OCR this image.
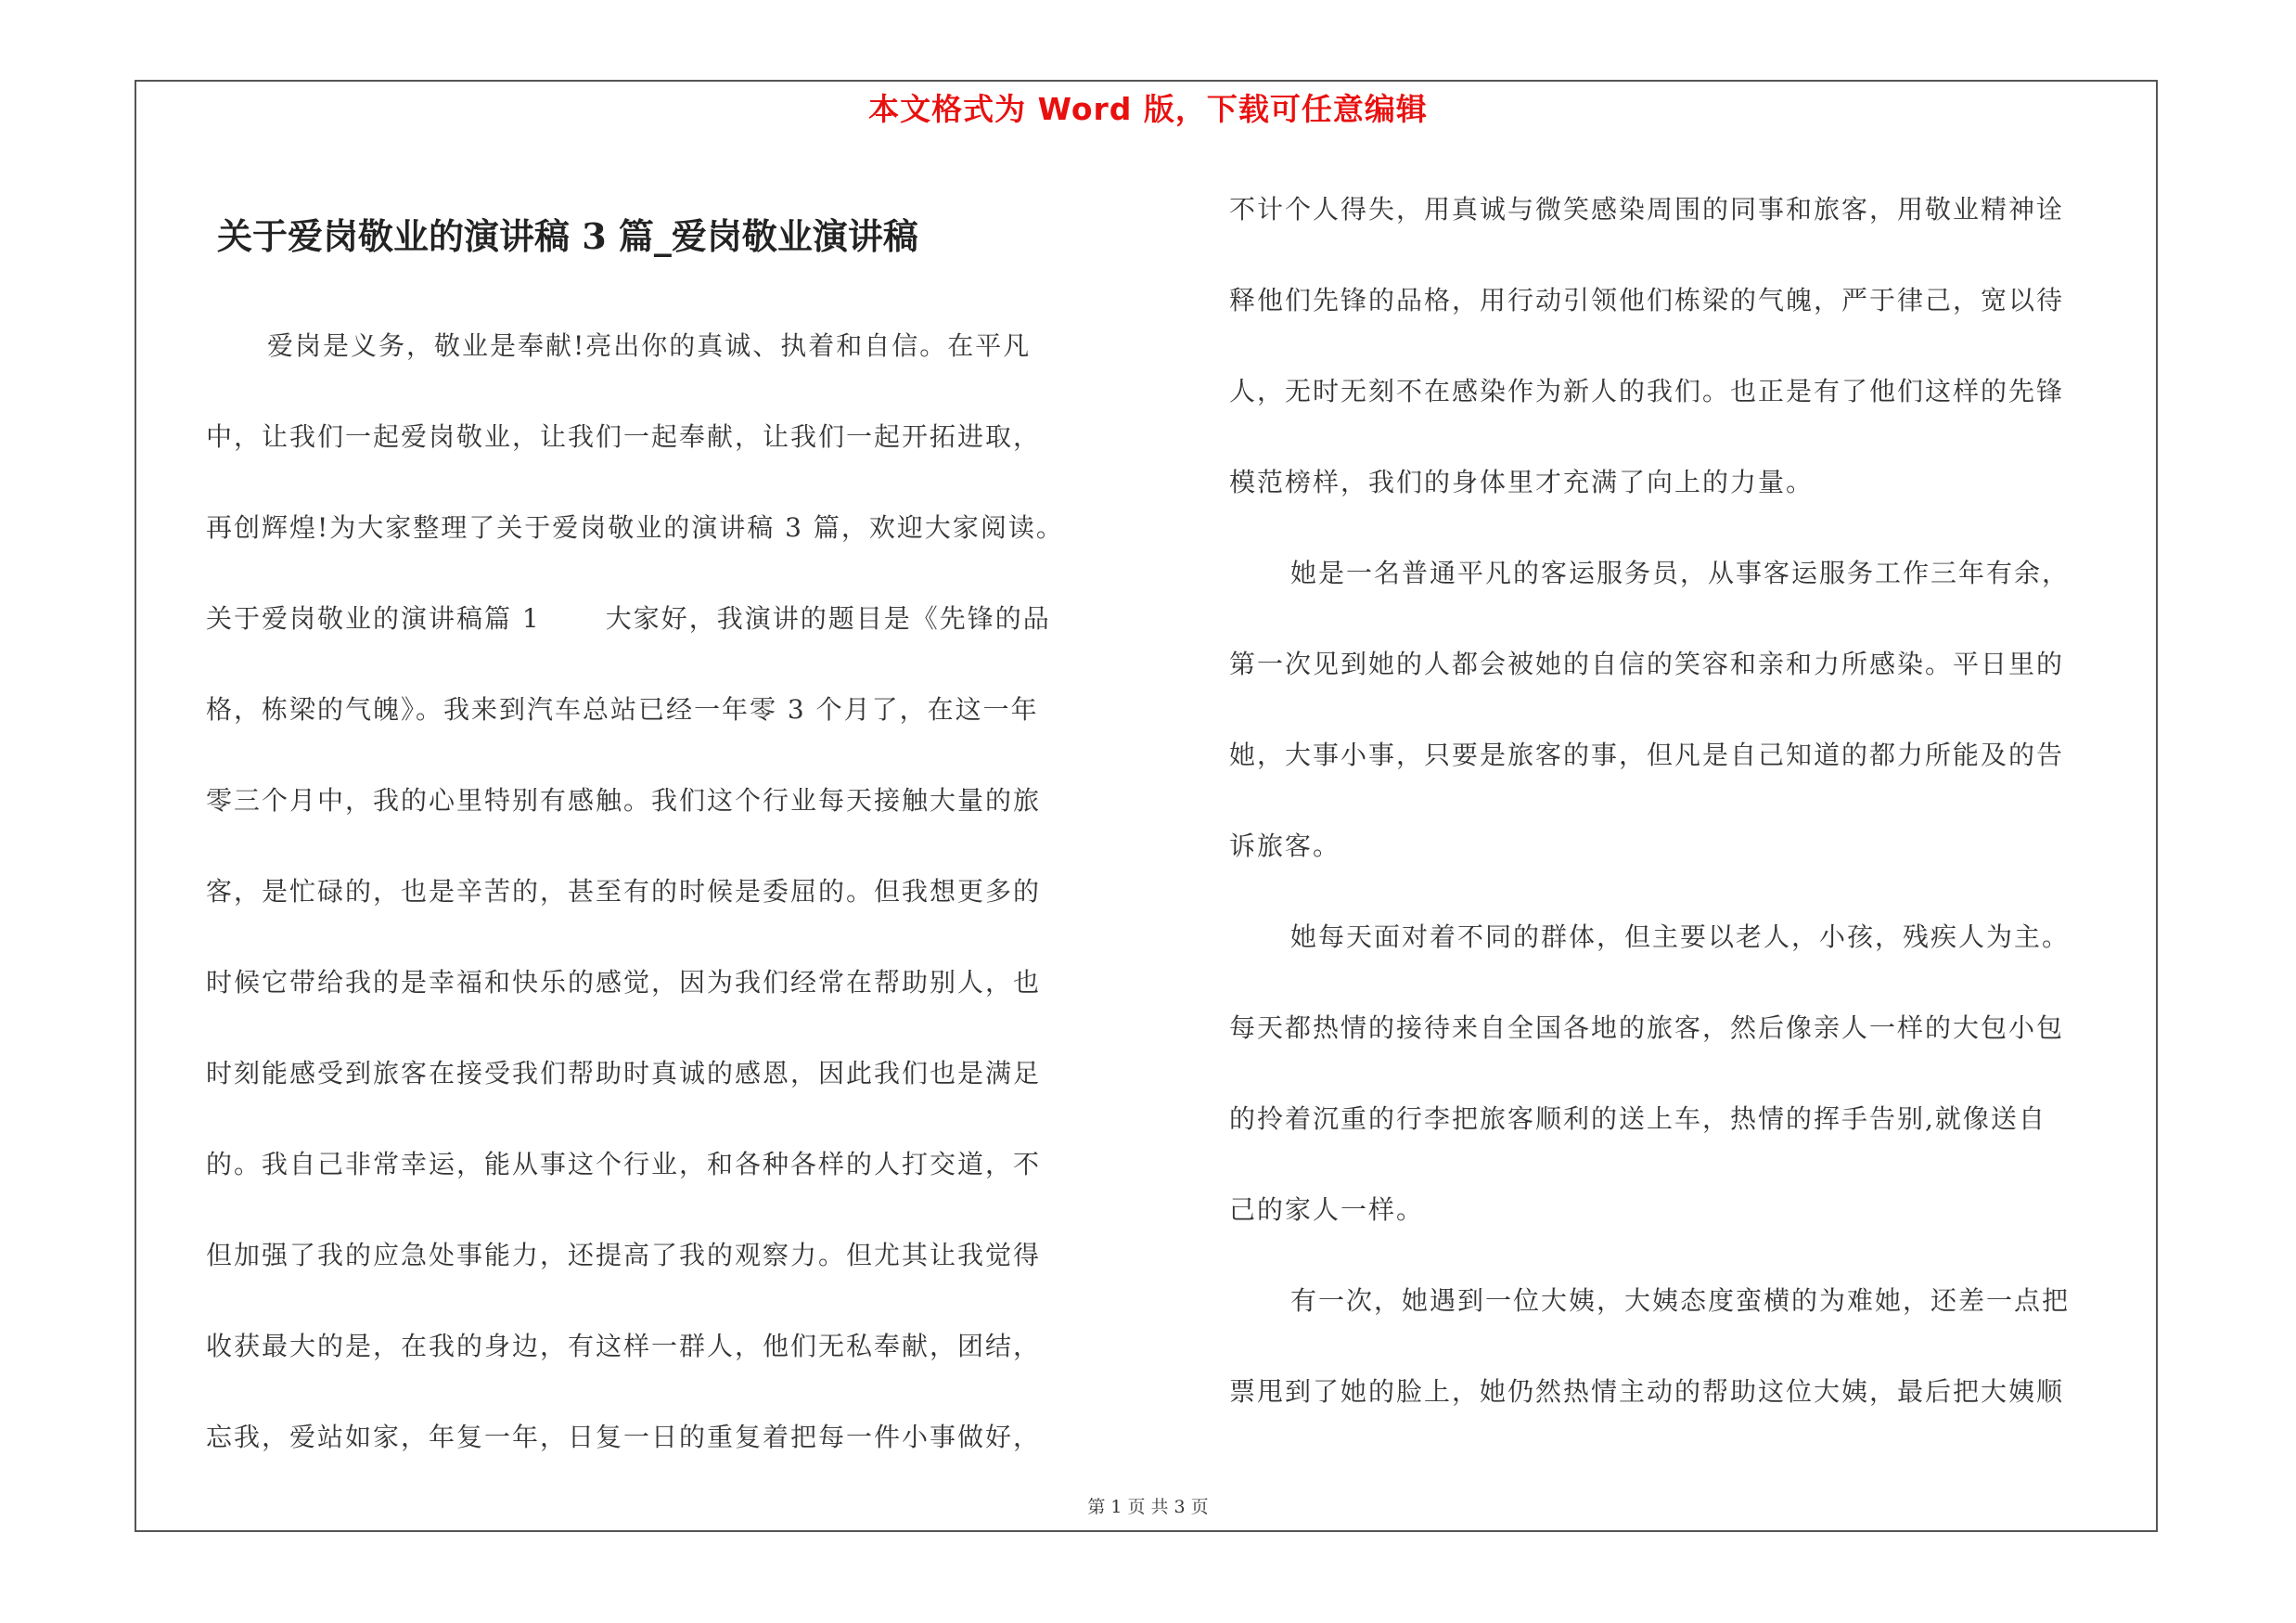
本文格式为 Word 版，下载可任意编辑
关于爱岗敬业的演讲稿 3 篇_爱岗敬业演讲稿
爱岗是义务，敬业是奉献!亮出你的真诚、执着和自信。在平凡
中，让我们一起爱岗敬业，让我们一起奉献，让我们一起开拓进取，
再创辉煌!为大家整理了关于爱岗敬业的演讲稿 3 篇，欢迎大家阅读。
关于爱岗敬业的演讲稿篇 1	大家好，我演讲的题目是《先锋的品
格，栋梁的气魄》。我来到汽车总站已经一年零 3 个月了，在这一年
零三个月中，我的心里特别有感触。我们这个行业每天接触大量的旅
客，是忙碌的，也是辛苦的，甚至有的时候是委屈的。但我想更多的
时候它带给我的是幸福和快乐的感觉，因为我们经常在帮助别人，也
时刻能感受到旅客在接受我们帮助时真诚的感恩，因此我们也是满足
的。我自己非常幸运，能从事这个行业，和各种各样的人打交道，不
但加强了我的应急处事能力，还提高了我的观察力。但尤其让我觉得
收获最大的是，在我的身边，有这样一群人，他们无私奉献，团结，
忘我，爱站如家，年复一年，日复一日的重复着把每一件小事做好，
不计个人得失，用真诚与微笑感染周围的同事和旅客，用敬业精神诠
释他们先锋的品格，用行动引领他们栋梁的气魄，严于律己，宽以待
人，无时无刻不在感染作为新人的我们。也正是有了他们这样的先锋
模范榜样，我们的身体里才充满了向上的力量。
她是一名普通平凡的客运服务员，从事客运服务工作三年有余，
第一次见到她的人都会被她的自信的笑容和亲和力所感染。平日里的
她，大事小事，只要是旅客的事，但凡是自己知道的都力所能及的告
诉旅客。
她每天面对着不同的群体，但主要以老人，小孩，残疾人为主。
每天都热情的接待来自全国各地的旅客，然后像亲人一样的大包小包
的拎着沉重的行李把旅客顺利的送上车，热情的挥手告别,就像送自
己的家人一样。
有一次，她遇到一位大姨，大姨态度蛮横的为难她，还差一点把
票甩到了她的脸上，她仍然热情主动的帮助这位大姨，最后把大姨顺
第 1 页 共 3 页
